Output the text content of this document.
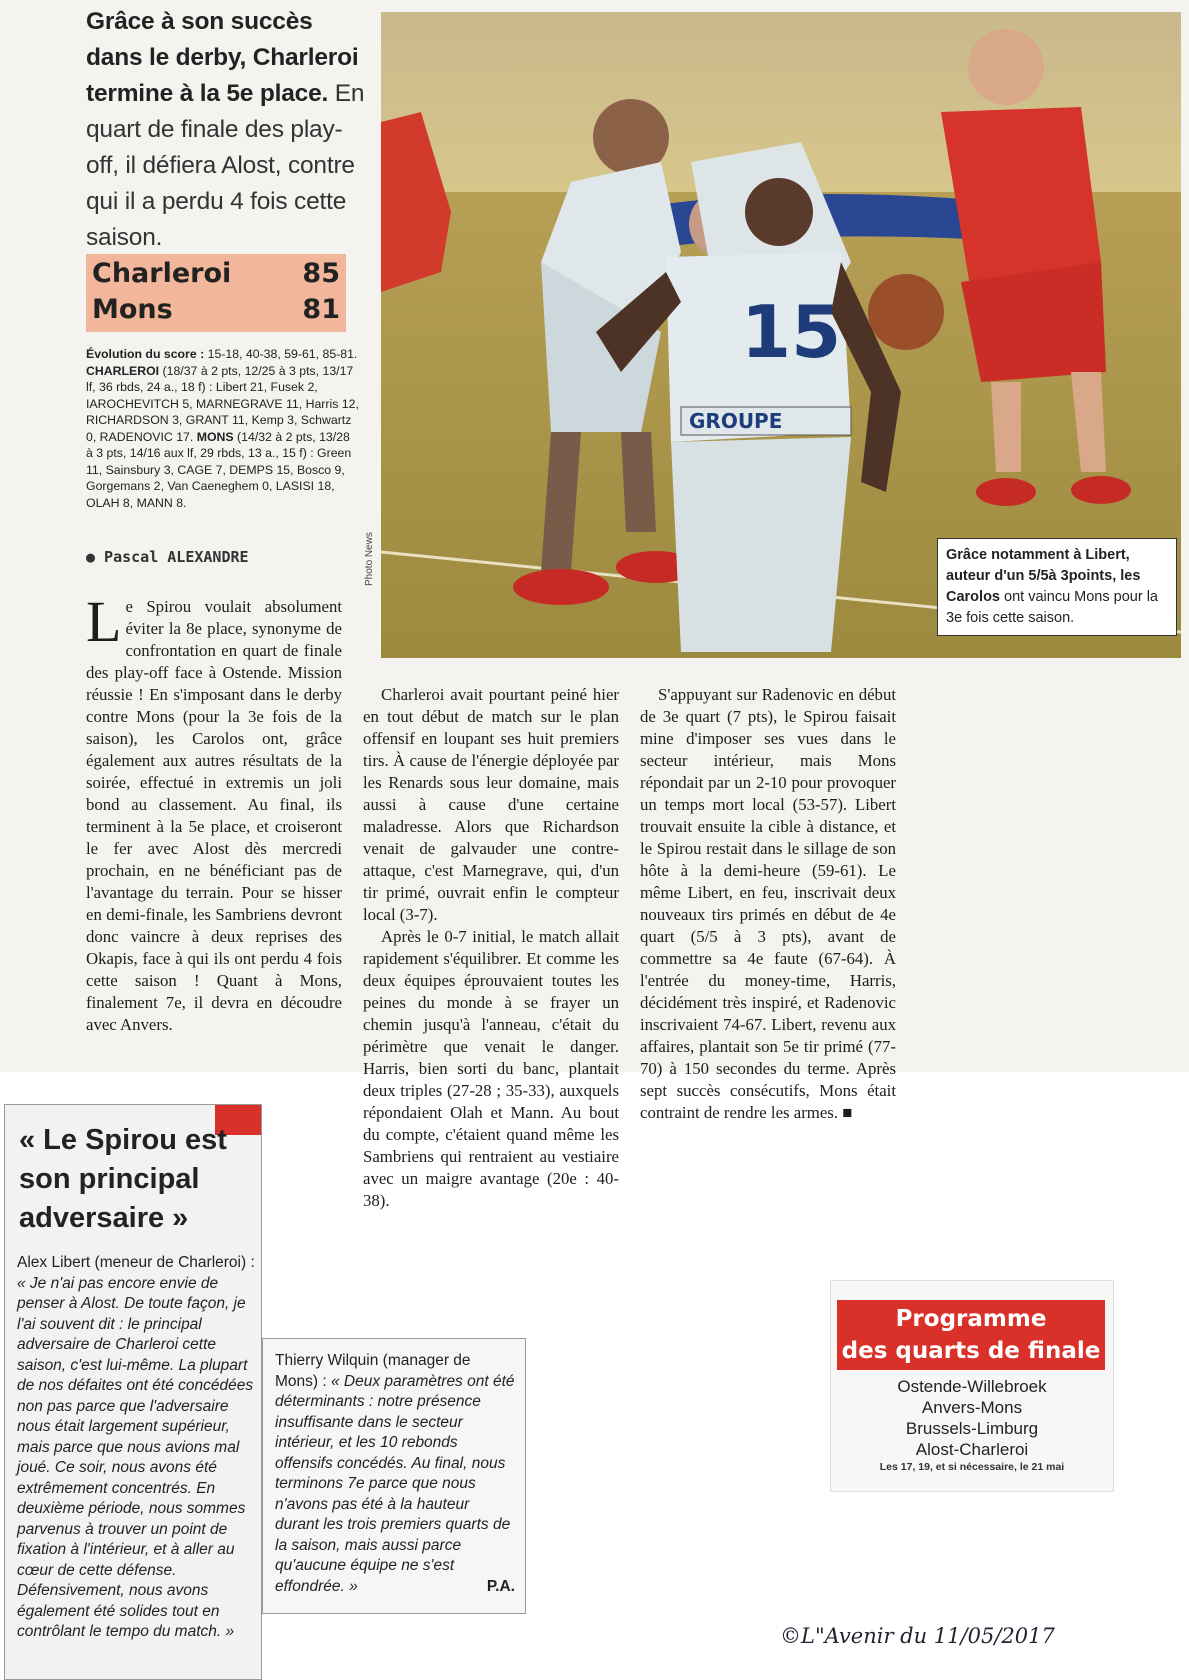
Grâce à son succès dans le derby, Charleroi termine à la 5e place. En quart de finale des play-off, il défiera Alost, contre qui il a perdu 4 fois cette saison.
Charleroi	85
Mons	81
Évolution du score : 15-18, 40-38, 59-61, 85-81. CHARLEROI (18/37 à 2 pts, 12/25 à 3 pts, 13/17 lf, 36 rbds, 24 a., 18 f) : Libert 21, Fusek 2, IAROCHEVITCH 5, MARNEGRAVE 11, Harris 12, RICHARDSON 3, GRANT 11, Kemp 3, Schwartz 0, RADENOVIC 17. MONS (14/32 à 2 pts, 13/28 à 3 pts, 14/16 aux lf, 29 rbds, 13 a., 15 f) : Green 11, Sainsbury 3, CAGE 7, DEMPS 15, Bosco 9, Gorgemans 2, Van Caeneghem 0, LASISI 18, OLAH 8, MANN 8.
● Pascal ALEXANDRE	Photo News
15
GROUPE
Grâce notamment à Libert, auteur d'un 5/5à 3points, les Carolos ont vaincu Mons pour la 3e fois cette saison.

Le Spirou voulait absolument éviter la 8e place, synonyme de confrontation en quart de finale des play-off face à Ostende. Mission réussie ! En s'imposant dans le derby contre Mons (pour la 3e fois de la saison), les Carolos ont, grâce également aux autres résultats de la soirée, effectué in extremis un joli bond au classement. Au final, ils terminent à la 5e place, et croiseront le fer avec Alost dès mercredi prochain, en ne bénéficiant pas de l'avantage du terrain. Pour se hisser en demi-finale, les Sambriens devront donc vaincre à deux reprises des Okapis, face à qui ils ont perdu 4 fois cette saison ! Quant à Mons, finalement 7e, il devra en découdre avec Anvers.

Charleroi avait pourtant peiné hier en tout début de match sur le plan offensif en loupant ses huit premiers tirs. À cause de l'énergie déployée par les Renards sous leur domaine, mais aussi à cause d'une certaine maladresse. Alors que Richardson venait de galvauder une contre-attaque, c'est Marnegrave, qui, d'un tir primé, ouvrait enfin le compteur local (3-7).

Après le 0-7 initial, le match allait rapidement s'équilibrer. Et comme les deux équipes éprouvaient toutes les peines du monde à se frayer un chemin jusqu'à l'anneau, c'était du périmètre que venait le danger. Harris, bien sorti du banc, plantait deux triples (27-28 ; 35-33), auxquels répondaient Olah et Mann. Au bout du compte, c'étaient quand même les Sambriens qui rentraient au vestiaire avec un maigre avantage (20e : 40-38).

S'appuyant sur Radenovic en début de 3e quart (7 pts), le Spirou faisait mine d'imposer ses vues dans le secteur intérieur, mais Mons répondait par un 2-10 pour provoquer un temps mort local (53-57). Libert trouvait ensuite la cible à distance, et le Spirou restait dans le sillage de son hôte à la demi-heure (59-61). Le même Libert, en feu, inscrivait deux nouveaux tirs primés en début de 4e quart (5/5 à 3 pts), avant de commettre sa 4e faute (67-64). À l'entrée du money-time, Harris, décidément très inspiré, et Radenovic inscrivaient 74-67. Libert, revenu aux affaires, plantait son 5e tir primé (77-70) à 150 secondes du terme. Après sept succès consécutifs, Mons était contraint de rendre les armes. ■

« Le Spirou est son principal adversaire »
Alex Libert (meneur de Charleroi) : « Je n'ai pas encore envie de penser à Alost. De toute façon, je l'ai souvent dit : le principal adversaire de Charleroi cette saison, c'est lui-même. La plupart de nos défaites ont été concédées non pas parce que l'adversaire nous était largement supérieur, mais parce que nous avions mal joué. Ce soir, nous avons été extrêmement concentrés. En deuxième période, nous sommes parvenus à trouver un point de fixation à l'intérieur, et à aller au cœur de cette défense. Défensivement, nous avons également été solides tout en contrôlant le tempo du match. »
Thierry Wilquin (manager de Mons) : « Deux paramètres ont été déterminants : notre présence insuffisante dans le secteur intérieur, et les 10 rebonds offensifs concédés. Au final, nous terminons 7e parce que nous n'avons pas été à la hauteur durant les trois premiers quarts de la saison, mais aussi parce qu'aucune équipe ne s'est effondrée. »	P.A.
Programme
des quarts de finale
Ostende-Willebroek
Anvers-Mons
Brussels-Limburg
Alost-Charleroi
Les 17, 19, et si nécessaire, le 21 mai
©L"Avenir du 11/05/2017
